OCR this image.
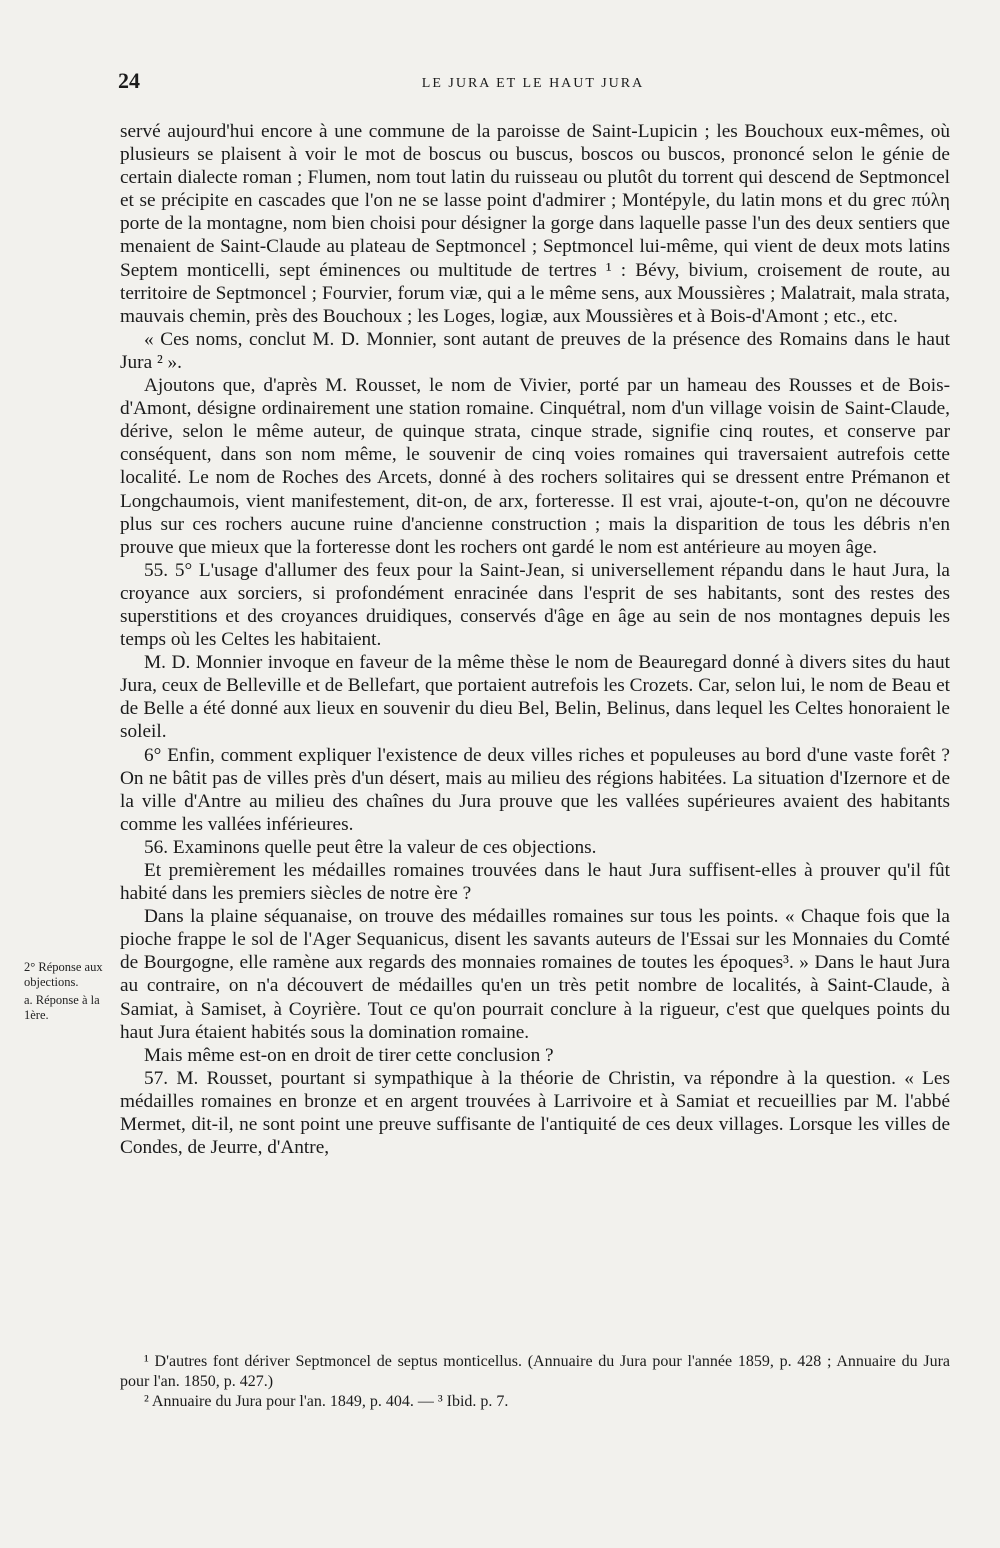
24	LE JURA ET LE HAUT JURA

servé aujourd'hui encore à une commune de la paroisse de Saint-Lupicin ; les Bouchoux eux-mêmes, où plusieurs se plaisent à voir le mot de boscus ou buscus, boscos ou buscos, prononcé selon le génie de certain dialecte roman ; Flumen, nom tout latin du ruisseau ou plutôt du torrent qui descend de Septmoncel et se précipite en cascades que l'on ne se lasse point d'admirer ; Montépyle, du latin mons et du grec πύλη porte de la montagne, nom bien choisi pour désigner la gorge dans laquelle passe l'un des deux sentiers que menaient de Saint-Claude au plateau de Septmoncel ; Septmoncel lui-même, qui vient de deux mots latins Septem monticelli, sept éminences ou multitude de tertres ¹ : Bévy, bivium, croisement de route, au territoire de Septmoncel ; Fourvier, forum viæ, qui a le même sens, aux Moussières ; Malatrait, mala strata, mauvais chemin, près des Bouchoux ; les Loges, logiæ, aux Moussières et à Bois-d'Amont ; etc., etc.

« Ces noms, conclut M. D. Monnier, sont autant de preuves de la présence des Romains dans le haut Jura ² ».

Ajoutons que, d'après M. Rousset, le nom de Vivier, porté par un hameau des Rousses et de Bois-d'Amont, désigne ordinairement une station romaine. Cinquétral, nom d'un village voisin de Saint-Claude, dérive, selon le même auteur, de quinque strata, cinque strade, signifie cinq routes, et conserve par conséquent, dans son nom même, le souvenir de cinq voies romaines qui traversaient autrefois cette localité. Le nom de Roches des Arcets, donné à des rochers solitaires qui se dressent entre Prémanon et Longchaumois, vient manifestement, dit-on, de arx, forteresse. Il est vrai, ajoute-t-on, qu'on ne découvre plus sur ces rochers aucune ruine d'ancienne construction ; mais la disparition de tous les débris n'en prouve que mieux que la forteresse dont les rochers ont gardé le nom est antérieure au moyen âge.

55. 5° L'usage d'allumer des feux pour la Saint-Jean, si universellement répandu dans le haut Jura, la croyance aux sorciers, si profondément enracinée dans l'esprit de ses habitants, sont des restes des superstitions et des croyances druidiques, conservés d'âge en âge au sein de nos montagnes depuis les temps où les Celtes les habitaient.

M. D. Monnier invoque en faveur de la même thèse le nom de Beauregard donné à divers sites du haut Jura, ceux de Belleville et de Bellefart, que portaient autrefois les Crozets. Car, selon lui, le nom de Beau et de Belle a été donné aux lieux en souvenir du dieu Bel, Belin, Belinus, dans lequel les Celtes honoraient le soleil.

6° Enfin, comment expliquer l'existence de deux villes riches et populeuses au bord d'une vaste forêt ? On ne bâtit pas de villes près d'un désert, mais au milieu des régions habitées. La situation d'Izernore et de la ville d'Antre au milieu des chaînes du Jura prouve que les vallées supérieures avaient des habitants comme les vallées inférieures.

56. Examinons quelle peut être la valeur de ces objections.

Et premièrement les médailles romaines trouvées dans le haut Jura suffisent-elles à prouver qu'il fût habité dans les premiers siècles de notre ère ?

Dans la plaine séquanaise, on trouve des médailles romaines sur tous les points. « Chaque fois que la pioche frappe le sol de l'Ager Sequanicus, disent les savants auteurs de l'Essai sur les Monnaies du Comté de Bourgogne, elle ramène aux regards des monnaies romaines de toutes les époques³. » Dans le haut Jura au contraire, on n'a découvert de médailles qu'en un très petit nombre de localités, à Saint-Claude, à Samiat, à Samiset, à Coyrière. Tout ce qu'on pourrait conclure à la rigueur, c'est que quelques points du haut Jura étaient habités sous la domination romaine.

Mais même est-on en droit de tirer cette conclusion ?

57. M. Rousset, pourtant si sympathique à la théorie de Christin, va répondre à la question. « Les médailles romaines en bronze et en argent trouvées à Larrivoire et à Samiat et recueillies par M. l'abbé Mermet, dit-il, ne sont point une preuve suffisante de l'antiquité de ces deux villages. Lorsque les villes de Condes, de Jeurre, d'Antre,

2° Réponse aux objections.

a. Réponse à la 1ère.

¹ D'autres font dériver Septmoncel de septus monticellus. (Annuaire du Jura pour l'année 1859, p. 428 ; Annuaire du Jura pour l'an. 1850, p. 427.)

² Annuaire du Jura pour l'an. 1849, p. 404. — ³ Ibid. p. 7.
